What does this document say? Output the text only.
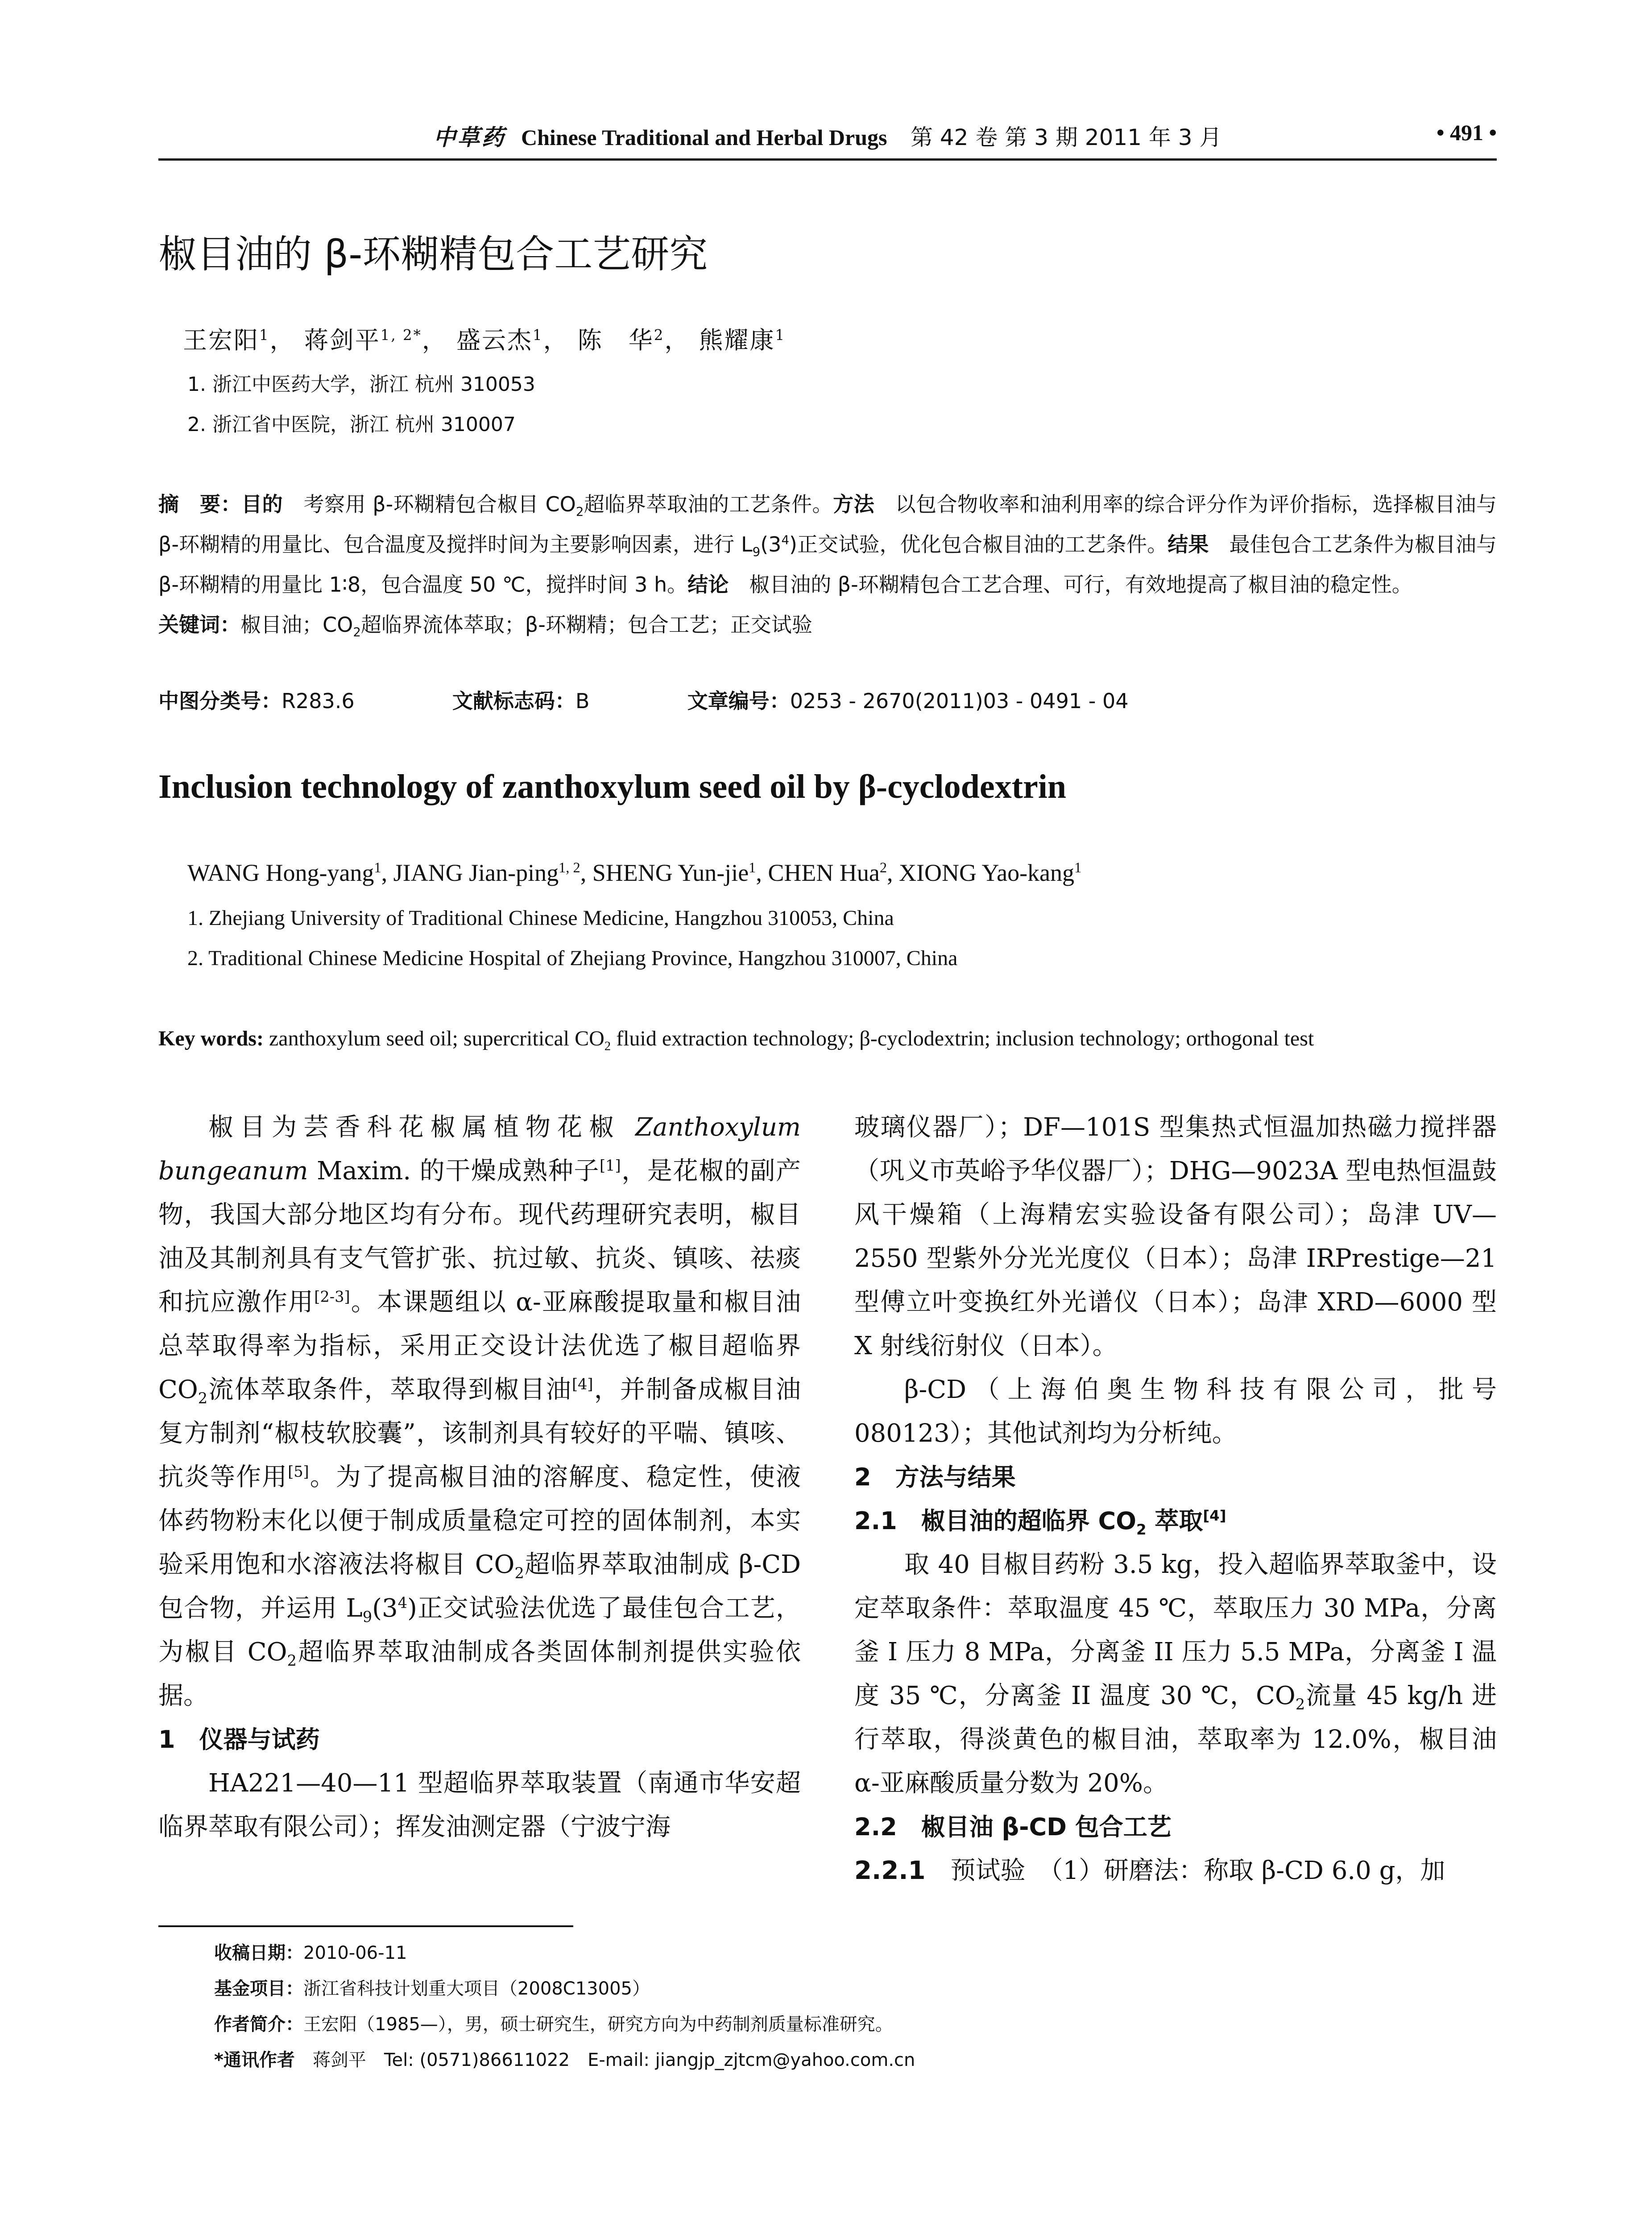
中草药 Chinese Traditional and Herbal Drugs 第 42 卷 第 3 期 2011 年 3 月	• 491 •
椒目油的 β-环糊精包合工艺研究
王宏阳$^1$， 蒋剑平$^{1, 2*}$， 盛云杰$^1$， 陈　华$^2$， 熊耀康$^1$
1. 浙江中医药大学，浙江 杭州 310053
2. 浙江省中医院，浙江 杭州 310007
摘　要：目的　考察用 β-环糊精包合椒目 $CO_2$超临界萃取油的工艺条件。方法　以包合物收率和油利用率的综合评分作为评价指标，选择椒目油与 β-环糊精的用量比、包合温度及搅拌时间为主要影响因素，进行 $L_9(3^4)$正交试验，优化包合椒目油的工艺条件。结果　最佳包合工艺条件为椒目油与 β-环糊精的用量比 1∶8，包合温度 50 ℃，搅拌时间 3 h。结论　椒目油的 β-环糊精包合工艺合理、可行，有效地提高了椒目油的稳定性。
关键词：椒目油；$CO_2$超临界流体萃取；β-环糊精；包合工艺；正交试验
中图分类号：R283.6	文献标志码：B	文章编号：0253 - 2670(2011)03 - 0491 - 04
Inclusion technology of zanthoxylum seed oil by β-cyclodextrin
WANG Hong-yang$^1$, JIANG Jian-ping$^{1, 2}$, SHENG Yun-jie$^1$, CHEN Hua$^2$, XIONG Yao-kang$^1$
1. Zhejiang University of Traditional Chinese Medicine, Hangzhou 310053, China
2. Traditional Chinese Medicine Hospital of Zhejiang Province, Hangzhou 310007, China
Key words: zanthoxylum seed oil; supercritical $CO_2$ fluid extraction technology; β-cyclodextrin; inclusion technology; orthogonal test

椒目为芸香科花椒属植物花椒 Zanthoxylum bungeanum Maxim. 的干燥成熟种子[1]，是花椒的副产物，我国大部分地区均有分布。现代药理研究表明，椒目油及其制剂具有支气管扩张、抗过敏、抗炎、镇咳、祛痰和抗应激作用[2-3]。本课题组以 α-亚麻酸提取量和椒目油总萃取得率为指标，采用正交设计法优选了椒目超临界 $CO_2$流体萃取条件，萃取得到椒目油[4]，并制备成椒目油复方制剂“椒枝软胶囊”，该制剂具有较好的平喘、镇咳、抗炎等作用[5]。为了提高椒目油的溶解度、稳定性，使液体药物粉末化以便于制成质量稳定可控的固体制剂，本实验采用饱和水溶液法将椒目 $CO_2$超临界萃取油制成 β-CD 包合物，并运用 $L_9(3^4)$正交试验法优选了最佳包合工艺，为椒目 $CO_2$超临界萃取油制成各类固体制剂提供实验依据。

1　仪器与试药

HA221—40—11 型超临界萃取装置（南通市华安超临界萃取有限公司）；挥发油测定器（宁波宁海

玻璃仪器厂）；DF—101S 型集热式恒温加热磁力搅拌器（巩义市英峪予华仪器厂）；DHG—9023A 型电热恒温鼓风干燥箱（上海精宏实验设备有限公司）；岛津 UV—2550 型紫外分光光度仪（日本）；岛津 IRPrestige—21 型傅立叶变换红外光谱仪（日本）；岛津 XRD—6000 型 X 射线衍射仪（日本）。

β-CD（上海伯奥生物科技有限公司，批号 080123）；其他试剂均为分析纯。

2　方法与结果

2.1　椒目油的超临界 $CO_2$ 萃取[4]

取 40 目椒目药粉 3.5 kg，投入超临界萃取釜中，设定萃取条件：萃取温度 45 ℃，萃取压力 30 MPa，分离釜 I 压力 8 MPa，分离釜 II 压力 5.5 MPa，分离釜 I 温度 35 ℃，分离釜 II 温度 30 ℃，$CO_2$流量 45 kg/h 进行萃取，得淡黄色的椒目油，萃取率为 12.0%，椒目油 α-亚麻酸质量分数为 20%。

2.2　椒目油 β-CD 包合工艺

2.2.1　预试验　（1）研磨法：称取 β-CD 6.0 g，加

收稿日期：2010-06-11
基金项目：浙江省科技计划重大项目（2008C13005）
作者简介：王宏阳（1985—），男，硕士研究生，研究方向为中药制剂质量标准研究。
*通讯作者　蒋剑平　Tel: (0571)86611022　E-mail: jiangjp_zjtcm@yahoo.com.cn
